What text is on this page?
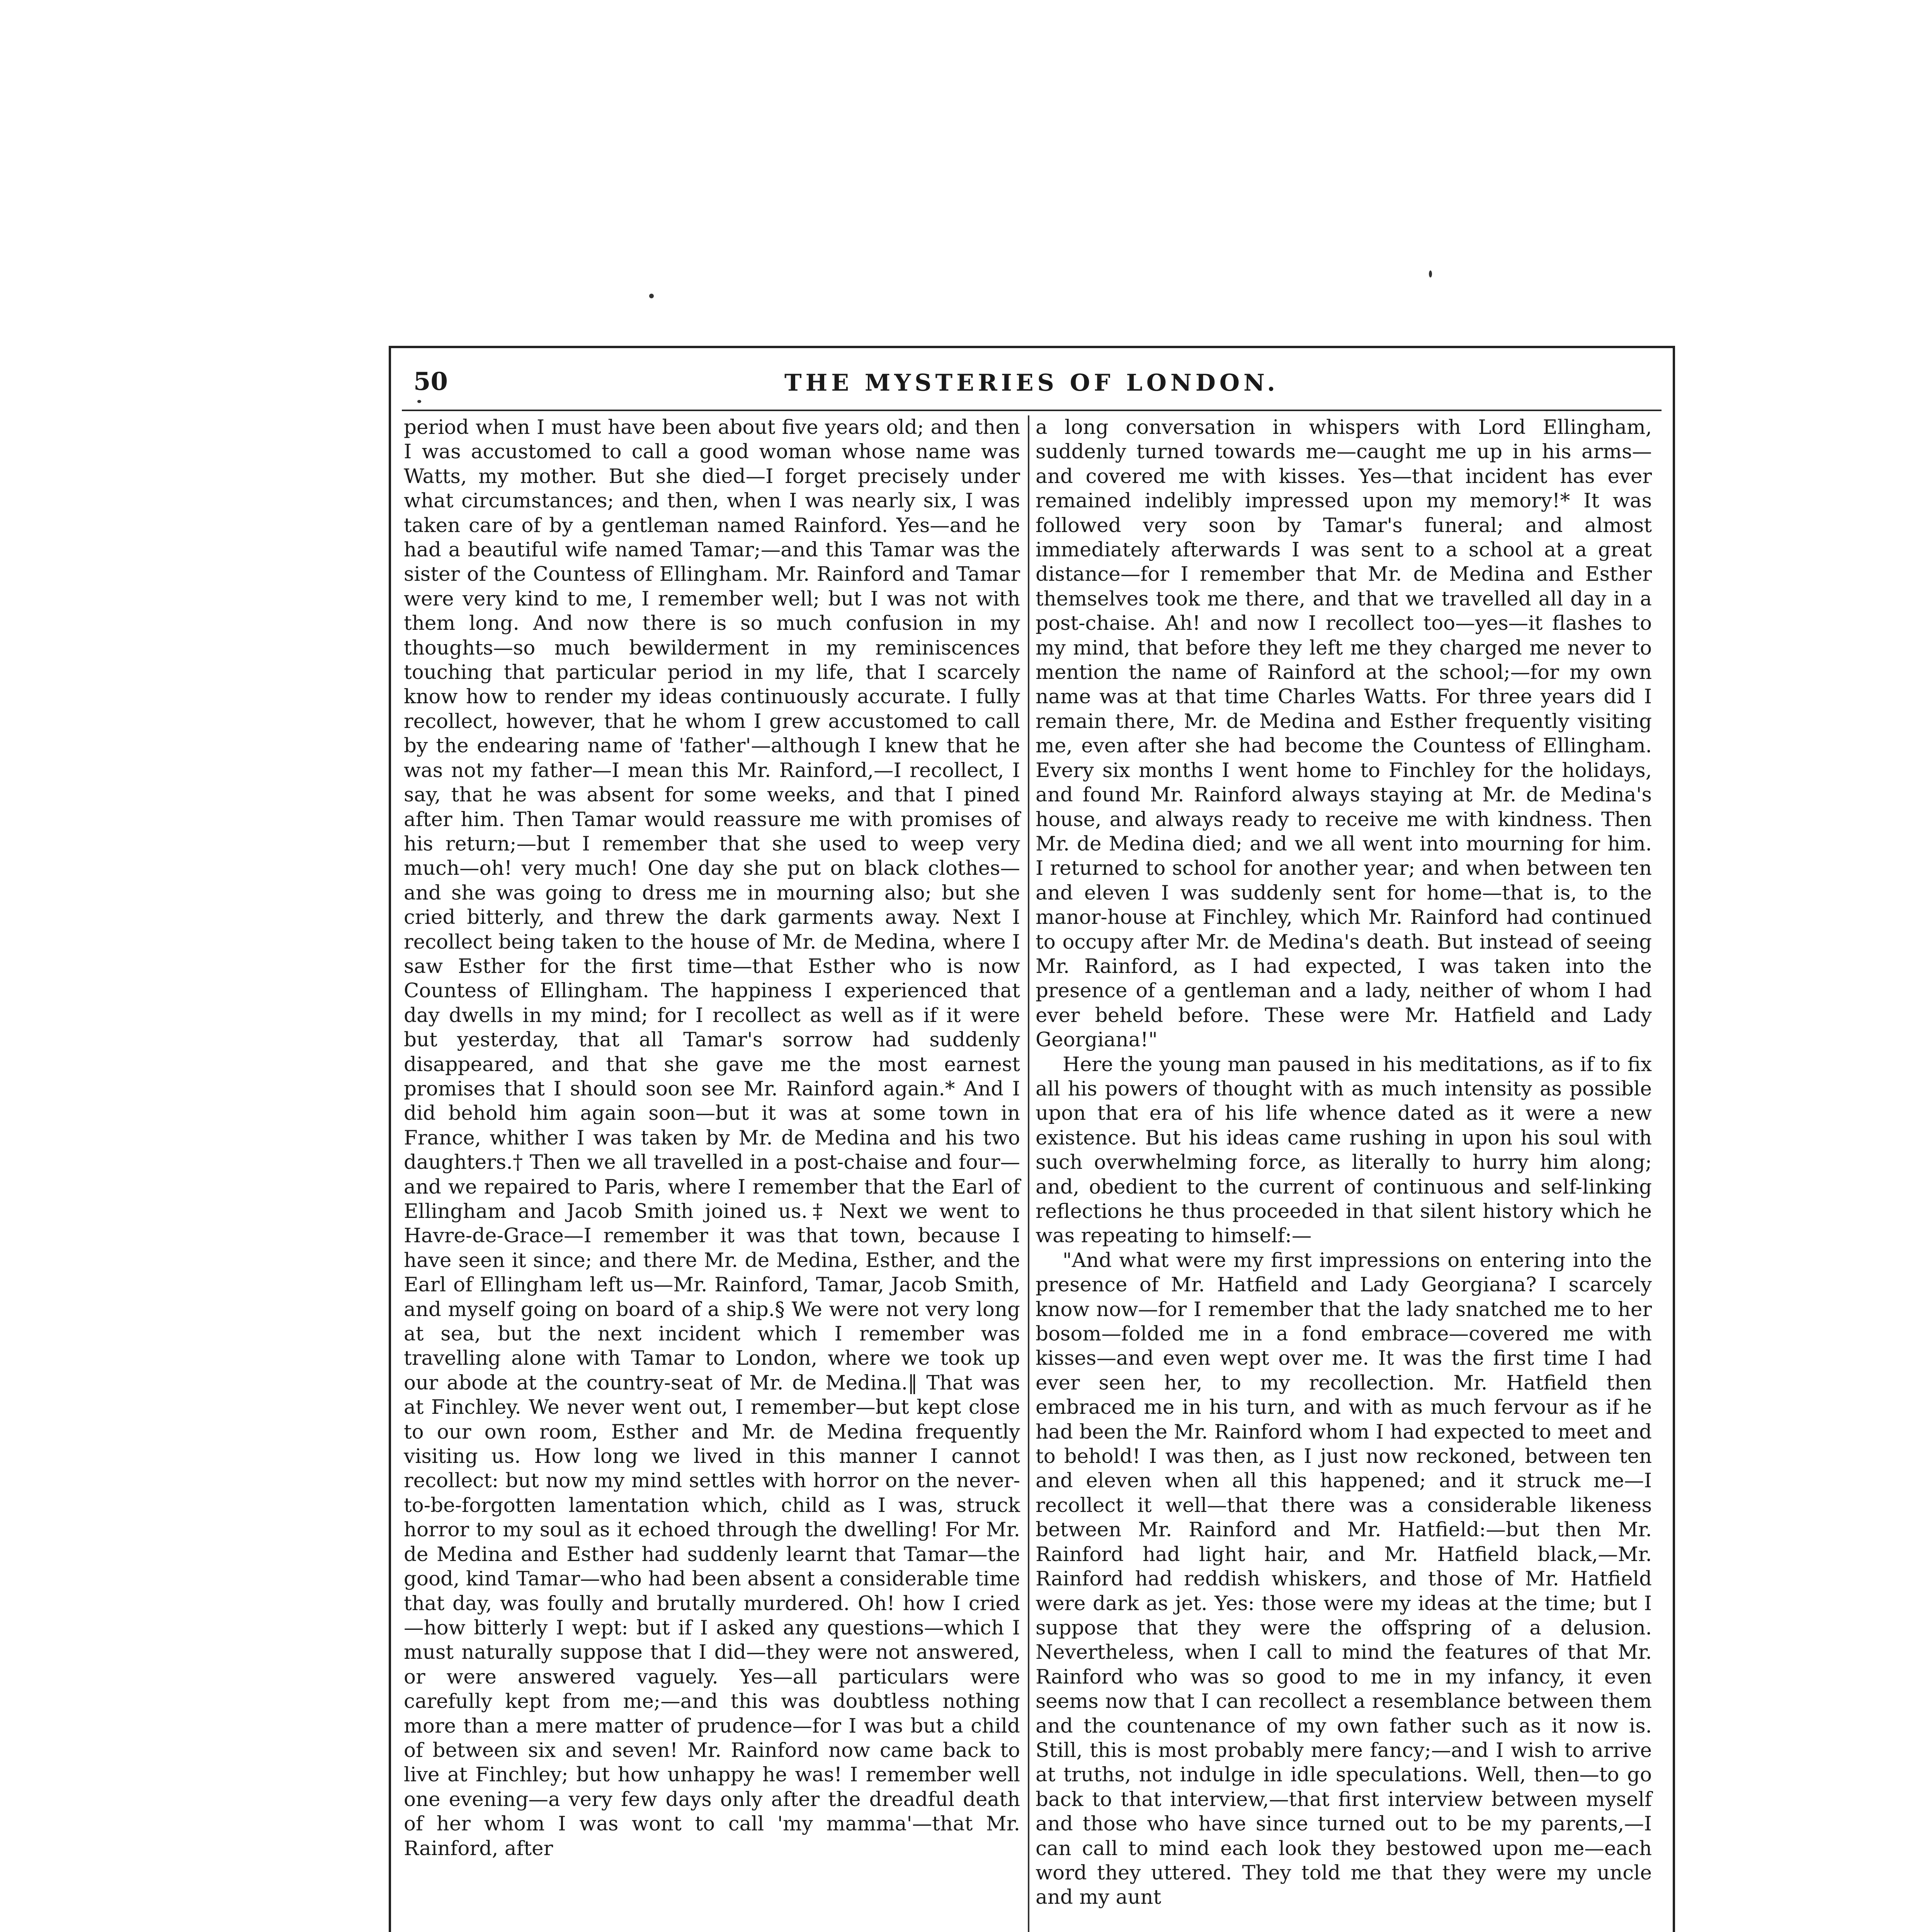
50	THE MYSTERIES OF LONDON.

period when I must have been about five years old; and then I was accustomed to call a good woman whose name was Watts, my mother. But she died—I forget precisely under what circumstances; and then, when I was nearly six, I was taken care of by a gentleman named Rainford. Yes—and he had a beautiful wife named Tamar;—and this Tamar was the sister of the Countess of Ellingham. Mr. Rainford and Tamar were very kind to me, I remember well; but I was not with them long. And now there is so much confusion in my thoughts—so much bewilderment in my reminiscences touching that particular period in my life, that I scarcely know how to render my ideas continuously accurate. I fully recollect, however, that he whom I grew accustomed to call by the endearing name of 'father'—although I knew that he was not my father—I mean this Mr. Rainford,—I recollect, I say, that he was absent for some weeks, and that I pined after him. Then Tamar would reassure me with promises of his return;—but I remember that she used to weep very much—oh! very much! One day she put on black clothes—and she was going to dress me in mourning also; but she cried bitterly, and threw the dark garments away. Next I recollect being taken to the house of Mr. de Medina, where I saw Esther for the first time—that Esther who is now Countess of Ellingham. The happiness I experienced that day dwells in my mind; for I recollect as well as if it were but yesterday, that all Tamar's sorrow had suddenly disappeared, and that she gave me the most earnest promises that I should soon see Mr. Rainford again.* And I did behold him again soon—but it was at some town in France, whither I was taken by Mr. de Medina and his two daughters.† Then we all travelled in a post-chaise and four—and we repaired to Paris, where I remember that the Earl of Ellingham and Jacob Smith joined us.‡ Next we went to Havre-de-Grace—I remember it was that town, because I have seen it since; and there Mr. de Medina, Esther, and the Earl of Ellingham left us—Mr. Rainford, Tamar, Jacob Smith, and myself going on board of a ship.§ We were not very long at sea, but the next incident which I remember was travelling alone with Tamar to London, where we took up our abode at the country-seat of Mr. de Medina.‖ That was at Finchley. We never went out, I remember—but kept close to our own room, Esther and Mr. de Medina frequently visiting us. How long we lived in this manner I cannot recollect: but now my mind settles with horror on the never-to-be-forgotten lamentation which, child as I was, struck horror to my soul as it echoed through the dwelling! For Mr. de Medina and Esther had suddenly learnt that Tamar—the good, kind Tamar—who had been absent a considerable time that day, was foully and brutally murdered. Oh! how I cried—how bitterly I wept: but if I asked any questions—which I must naturally suppose that I did—they were not answered, or were answered vaguely. Yes—all particulars were carefully kept from me;—and this was doubtless nothing more than a mere matter of prudence—for I was but a child of between six and seven! Mr. Rainford now came back to live at Finchley; but how unhappy he was! I remember well one evening—a very few days only after the dreadful death of her whom I was wont to call 'my mamma'—that Mr. Rainford, after

a long conversation in whispers with Lord Ellingham, suddenly turned towards me—caught me up in his arms—and covered me with kisses. Yes—that incident has ever remained indelibly impressed upon my memory!* It was followed very soon by Tamar's funeral; and almost immediately afterwards I was sent to a school at a great distance—for I remember that Mr. de Medina and Esther themselves took me there, and that we travelled all day in a post-chaise. Ah! and now I recollect too—yes—it flashes to my mind, that before they left me they charged me never to mention the name of Rainford at the school;—for my own name was at that time Charles Watts. For three years did I remain there, Mr. de Medina and Esther frequently visiting me, even after she had become the Countess of Ellingham. Every six months I went home to Finchley for the holidays, and found Mr. Rainford always staying at Mr. de Medina's house, and always ready to receive me with kindness. Then Mr. de Medina died; and we all went into mourning for him. I returned to school for another year; and when between ten and eleven I was suddenly sent for home—that is, to the manor-house at Finchley, which Mr. Rainford had continued to occupy after Mr. de Medina's death. But instead of seeing Mr. Rainford, as I had expected, I was taken into the presence of a gentleman and a lady, neither of whom I had ever beheld before. These were Mr. Hatfield and Lady Georgiana!"

Here the young man paused in his meditations, as if to fix all his powers of thought with as much intensity as possible upon that era of his life whence dated as it were a new existence. But his ideas came rushing in upon his soul with such overwhelming force, as literally to hurry him along; and, obedient to the current of continuous and self-linking reflections he thus proceeded in that silent history which he was repeating to himself:—

"And what were my first impressions on entering into the presence of Mr. Hatfield and Lady Georgiana? I scarcely know now—for I remember that the lady snatched me to her bosom—folded me in a fond embrace—covered me with kisses—and even wept over me. It was the first time I had ever seen her, to my recollection. Mr. Hatfield then embraced me in his turn, and with as much fervour as if he had been the Mr. Rainford whom I had expected to meet and to behold! I was then, as I just now reckoned, between ten and eleven when all this happened; and it struck me—I recollect it well—that there was a considerable likeness between Mr. Rainford and Mr. Hatfield:—but then Mr. Rainford had light hair, and Mr. Hatfield black,—Mr. Rainford had reddish whiskers, and those of Mr. Hatfield were dark as jet. Yes: those were my ideas at the time; but I suppose that they were the offspring of a delusion. Nevertheless, when I call to mind the features of that Mr. Rainford who was so good to me in my infancy, it even seems now that I can recollect a resemblance between them and the countenance of my own father such as it now is. Still, this is most probably mere fancy;—and I wish to arrive at truths, not indulge in idle speculations. Well, then—to go back to that interview,—that first interview between myself and those who have since turned out to be my parents,—I can call to mind each look they bestowed upon me—each word they uttered. They told me that they were my uncle and my aunt
